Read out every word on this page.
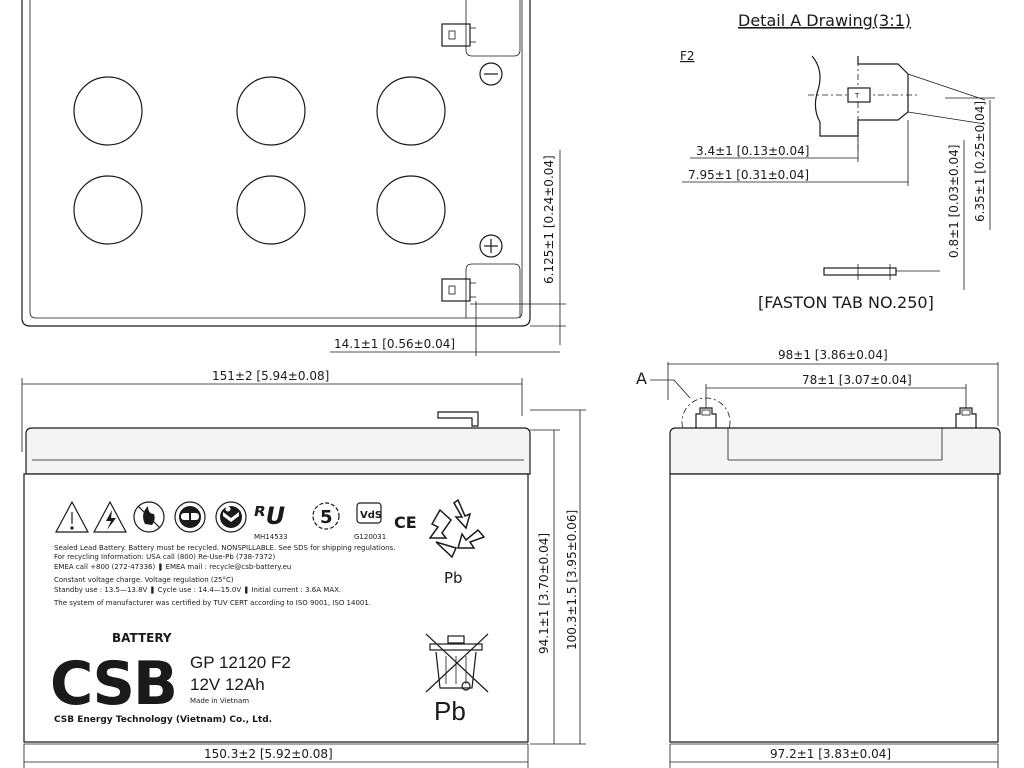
6.125±1 [0.24±0.04]
14.1±1 [0.56±0.04]
Detail A Drawing(3:1)
F2
T
3.4±1 [0.13±0.04]
7.95±1 [0.31±0.04]	0.8±1 [0.03±0.04] 6.35±1 [0.25±0.04]
[FASTON TAB NO.250]
151±2 [5.94±0.08]
94.1±1 [3.70±0.04] 100.3±1.5 [3.95±0.06]
150.3±2 [5.92±0.08]
ᴿU
MH14533
5	VdS
G120031
CE
Pb
Sealed Lead Battery. Battery must be recycled. NONSPILLABLE. See SDS for shipping regulations.
For recycling Information: USA call (800) Re-Use-Pb (738-7372)
EMEA call +800 (272-47336) ❚ EMEA mail : recycle@csb-battery.eu
Constant voltage charge. Voltage regulation (25°C)
Standby use : 13.5—13.8V ❚ Cycle use : 14.4—15.0V ❚ Initial current : 3.6A MAX.
The system of manufacturer was certified by TUV CERT according to ISO 9001, ISO 14001.
BATTERY
CSB GP 12120 F2
12V 12Ah
Made in Vietnam
CSB Energy Technology (Vietnam) Co., Ltd.	Pb
98±1 [3.86±0.04]
78±1 [3.07±0.04]
A
97.2±1 [3.83±0.04]
